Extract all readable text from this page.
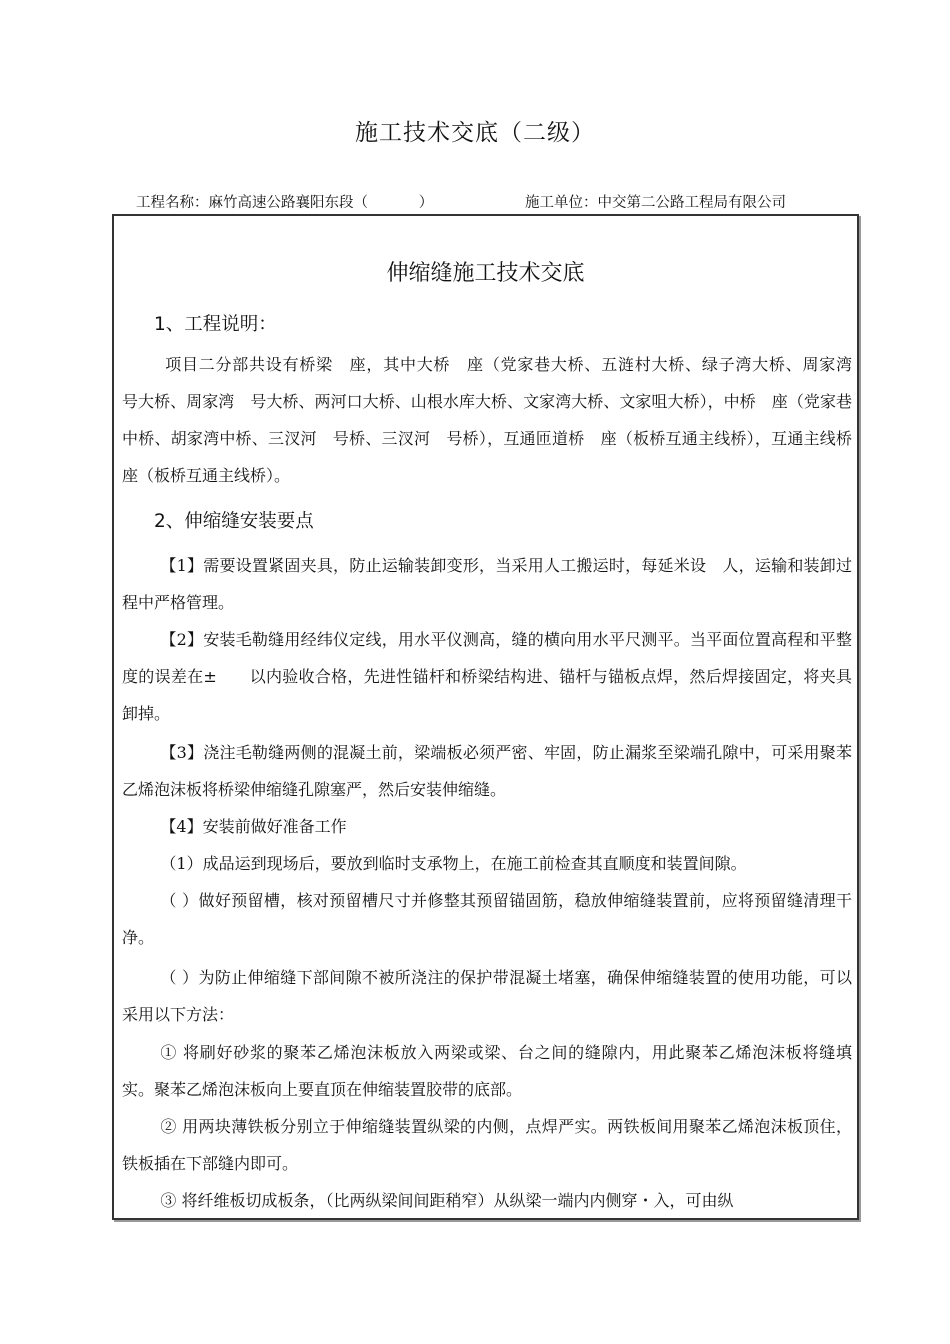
施工技术交底（二级）
工程名称：麻竹高速公路襄阳东段（           ）	施工单位：中交第二公路工程局有限公司
伸缩缝施工技术交底
1、工程说明：
项目二分部共设有桥梁　座，其中大桥　座（党家巷大桥、五涟村大桥、绿子湾大桥、周家湾　号大桥、周家湾　号大桥、两河口大桥、山根水库大桥、文家湾大桥、文家咀大桥），中桥　座（党家巷中桥、胡家湾中桥、三汊河　号桥、三汊河　号桥），互通匝道桥　座（板桥互通主线桥），互通主线桥　座（板桥互通主线桥）。
2、伸缩缝安装要点
【1】需要设置紧固夹具，防止运输装卸变形，当采用人工搬运时，每延米设　人，运输和装卸过程中严格管理。
【2】安装毛勒缝用经纬仪定线，用水平仪测高，缝的横向用水平尺测平。当平面位置高程和平整度的误差在±　　以内验收合格，先进性锚杆和桥梁结构进、锚杆与锚板点焊，然后焊接固定，将夹具卸掉。
【3】浇注毛勒缝两侧的混凝土前，梁端板必须严密、牢固，防止漏浆至梁端孔隙中，可采用聚苯乙烯泡沫板将桥梁伸缩缝孔隙塞严，然后安装伸缩缝。
【4】安装前做好准备工作
（1）成品运到现场后，要放到临时支承物上，在施工前检查其直顺度和装置间隙。
（ ）做好预留槽，核对预留槽尺寸并修整其预留锚固筋，稳放伸缩缝装置前，应将预留缝清理干净。
（ ）为防止伸缩缝下部间隙不被所浇注的保护带混凝土堵塞，确保伸缩缝装置的使用功能，可以采用以下方法：
① 将刷好砂浆的聚苯乙烯泡沫板放入两梁或梁、台之间的缝隙内，用此聚苯乙烯泡沫板将缝填实。聚苯乙烯泡沫板向上要直顶在伸缩装置胶带的底部。
② 用两块薄铁板分别立于伸缩缝装置纵梁的内侧，点焊严实。两铁板间用聚苯乙烯泡沫板顶住，铁板插在下部缝内即可。
③ 将纤维板切成板条，（比两纵梁间间距稍窄）从纵梁一端内内侧穿・入，可由纵
